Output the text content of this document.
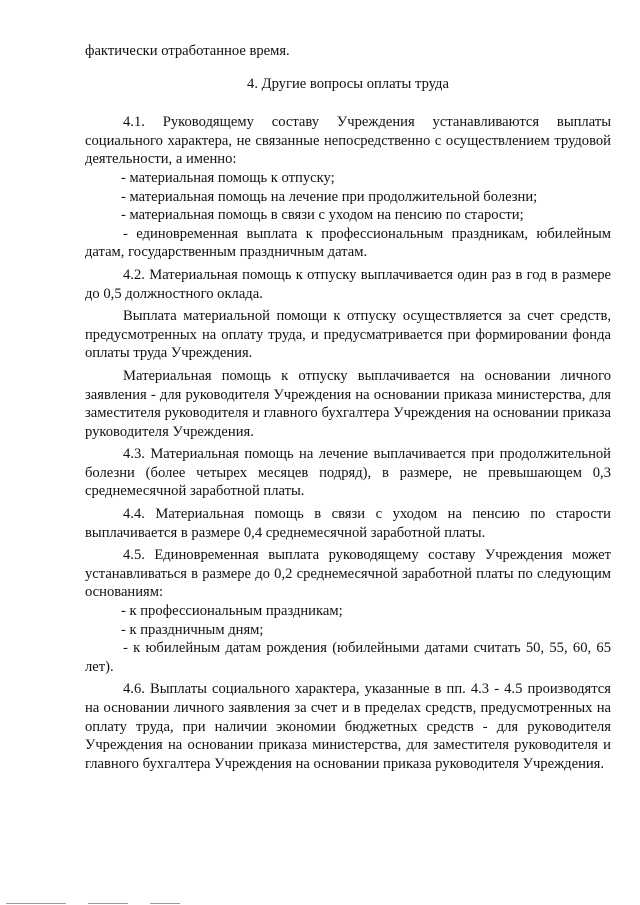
фактически отработанное время.

4. Другие вопросы оплаты труда

4.1. Руководящему составу Учреждения устанавливаются выплаты социального характера, не связанные непосредственно с осуществлением трудовой деятельности, а именно:

- материальная помощь к отпуску;

- материальная помощь на лечение при продолжительной болезни;

- материальная помощь в связи с уходом на пенсию по старости;

- единовременная выплата к профессиональным праздникам, юбилейным датам, государственным праздничным датам.

4.2. Материальная помощь к отпуску выплачивается один раз в год в размере до 0,5 должностного оклада.

Выплата материальной помощи к отпуску осуществляется за счет средств, предусмотренных на оплату труда, и предусматривается при формировании фонда оплаты труда Учреждения.

Материальная помощь к отпуску выплачивается на основании личного заявления - для руководителя Учреждения на основании приказа министерства, для заместителя руководителя и главного бухгалтера Учреждения на основании приказа руководителя Учреждения.

4.3. Материальная помощь на лечение выплачивается при продолжительной болезни (более четырех месяцев подряд), в размере, не превышающем 0,3 среднемесячной заработной платы.

4.4. Материальная помощь в связи с уходом на пенсию по старости выплачивается в размере 0,4 среднемесячной заработной платы.

4.5. Единовременная выплата руководящему составу Учреждения может устанавливаться в размере до 0,2 среднемесячной заработной платы по следующим основаниям:

- к профессиональным праздникам;

- к праздничным дням;

- к юбилейным датам рождения (юбилейными датами считать 50, 55, 60, 65 лет).

4.6. Выплаты социального характера, указанные в пп. 4.3 - 4.5 производятся на основании личного заявления за счет и в пределах средств, предусмотренных на оплату труда, при наличии экономии бюджетных средств - для руководителя Учреждения на основании приказа министерства, для заместителя руководителя и главного бухгалтера Учреждения на основании приказа руководителя Учреждения.
